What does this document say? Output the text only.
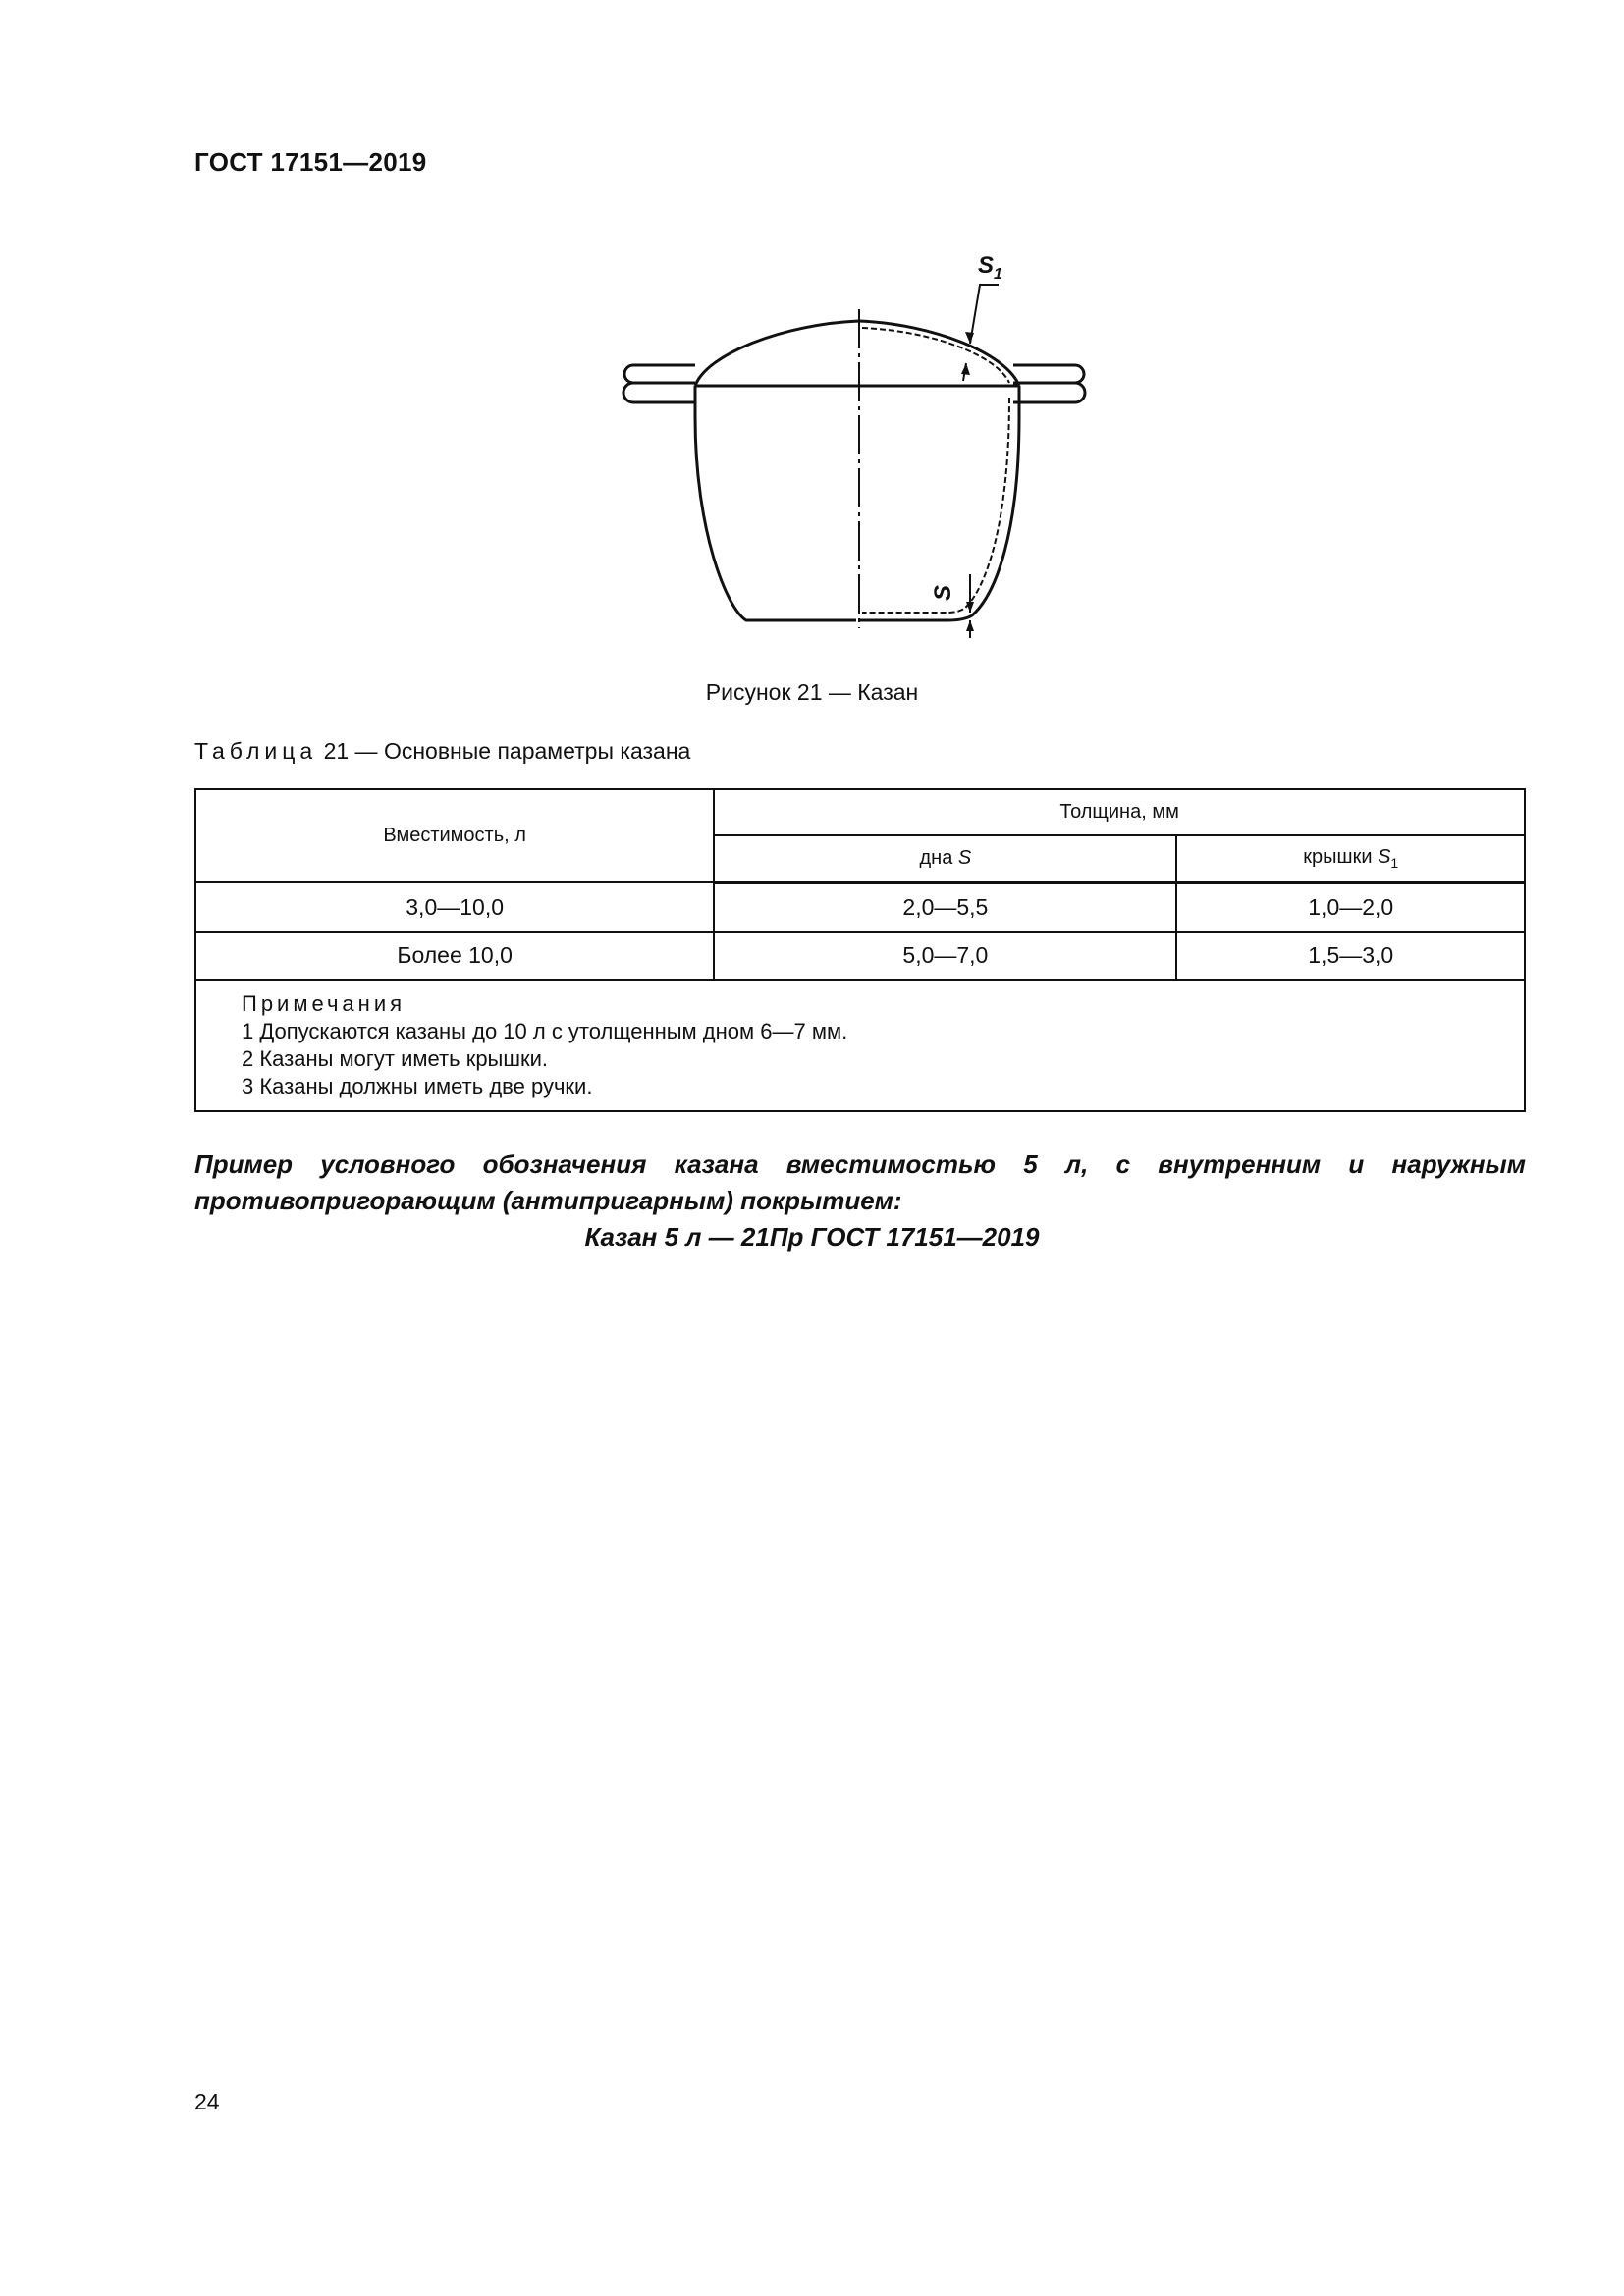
ГОСТ 17151—2019
$S_1$
S
Рисунок 21 — Казан
Таблица 21 — Основные параметры казана
Вместимость, л	Толщина, мм	
	дна S	крышки $S_1$
3,0—10,0	2,0—5,5	1,0—2,0
Более 10,0	5,0—7,0	1,5—3,0

Примечания
1 Допускаются казаны до 10 л с утолщенным дном 6—7 мм.
2 Казаны могут иметь крышки.
3 Казаны должны иметь две ручки.		
Пример условного обозначения казана вместимостью 5 л, с внутренним и наружным противопригорающим (антипригарным) покрытием:
Казан 5 л — 21Пр ГОСТ 17151—2019
24
